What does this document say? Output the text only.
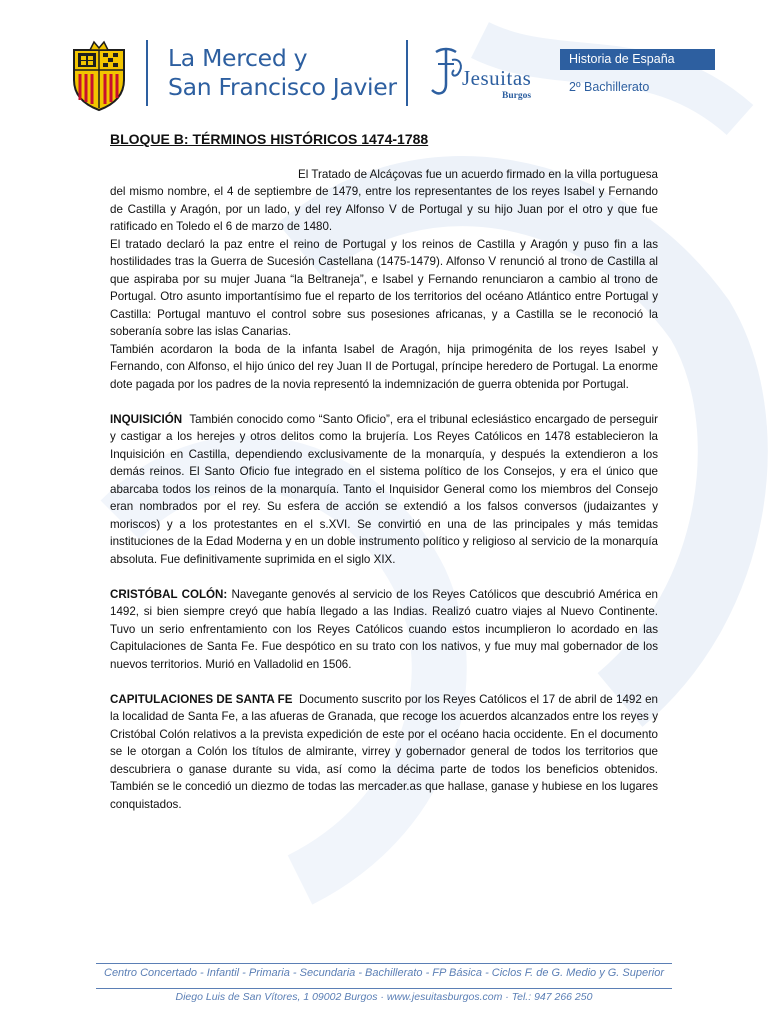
La Merced y
San Francisco Javier	Jesuitas
Burgos
Historia de España
2º Bachillerato
BLOQUE B: TÉRMINOS HISTÓRICOS 1474-1788

El Tratado de Alcáçovas fue un acuerdo firmado en la villa portuguesa del mismo nombre, el 4 de septiembre de 1479, entre los representantes de los reyes Isabel y Fernando de Castilla y Aragón, por un lado, y del rey Alfonso V de Portugal y su hijo Juan por el otro y que fue ratificado en Toledo el 6 de marzo de 1480.

El tratado declaró la paz entre el reino de Portugal y los reinos de Castilla y Aragón y puso fin a las hostilidades tras la Guerra de Sucesión Castellana (1475-1479). Alfonso V renunció al trono de Castilla al que aspiraba por su mujer Juana “la Beltraneja”, e Isabel y Fernando renunciaron a cambio al trono de Portugal. Otro asunto importantísimo fue el reparto de los territorios del océano Atlántico entre Portugal y Castilla: Portugal mantuvo el control sobre sus posesiones africanas, y a Castilla se le reconoció la soberanía sobre las islas Canarias.

También acordaron la boda de la infanta Isabel de Aragón, hija primogénita de los reyes Isabel y Fernando, con Alfonso, el hijo único del rey Juan II de Portugal, príncipe heredero de Portugal. La enorme dote pagada por los padres de la novia representó la indemnización de guerra obtenida por Portugal.

INQUISICIÓN También conocido como “Santo Oficio”, era el tribunal eclesiástico encargado de perseguir y castigar a los herejes y otros delitos como la brujería. Los Reyes Católicos en 1478 establecieron la Inquisición en Castilla, dependiendo exclusivamente de la monarquía, y después la extendieron a los demás reinos. El Santo Oficio fue integrado en el sistema político de los Consejos, y era el único que abarcaba todos los reinos de la monarquía. Tanto el Inquisidor General como los miembros del Consejo eran nombrados por el rey. Su esfera de acción se extendió a los falsos conversos (judaizantes y moriscos) y a los protestantes en el s.XVI. Se convirtió en una de las principales y más temidas instituciones de la Edad Moderna y en un doble instrumento político y religioso al servicio de la monarquía absoluta. Fue definitivamente suprimida en el siglo XIX.

CRISTÓBAL COLÓN: Navegante genovés al servicio de los Reyes Católicos que descubrió América en 1492, si bien siempre creyó que había llegado a las Indias. Realizó cuatro viajes al Nuevo Continente. Tuvo un serio enfrentamiento con los Reyes Católicos cuando estos incumplieron lo acordado en las Capitulaciones de Santa Fe. Fue despótico en su trato con los nativos, y fue muy mal gobernador de los nuevos territorios. Murió en Valladolid en 1506.

CAPITULACIONES DE SANTA FE Documento suscrito por los Reyes Católicos el 17 de abril de 1492 en la localidad de Santa Fe, a las afueras de Granada, que recoge los acuerdos alcanzados entre los reyes y Cristóbal Colón relativos a la prevista expedición de este por el océano hacia occidente. En el documento se le otorgan a Colón los títulos de almirante, virrey y gobernador general de todos los territorios que descubriera o ganase durante su vida, así como la décima parte de todos los beneficios obtenidos. También se le concedió un diezmo de todas las mercader.as que hallase, ganase y hubiese en los lugares conquistados.

Centro Concertado - Infantil - Primaria - Secundaria - Bachillerato - FP Básica - Ciclos F. de G. Medio y G. Superior
Diego Luis de San Vítores, 1 09002 Burgos · www.jesuitasburgos.com · Tel.: 947 266 250
